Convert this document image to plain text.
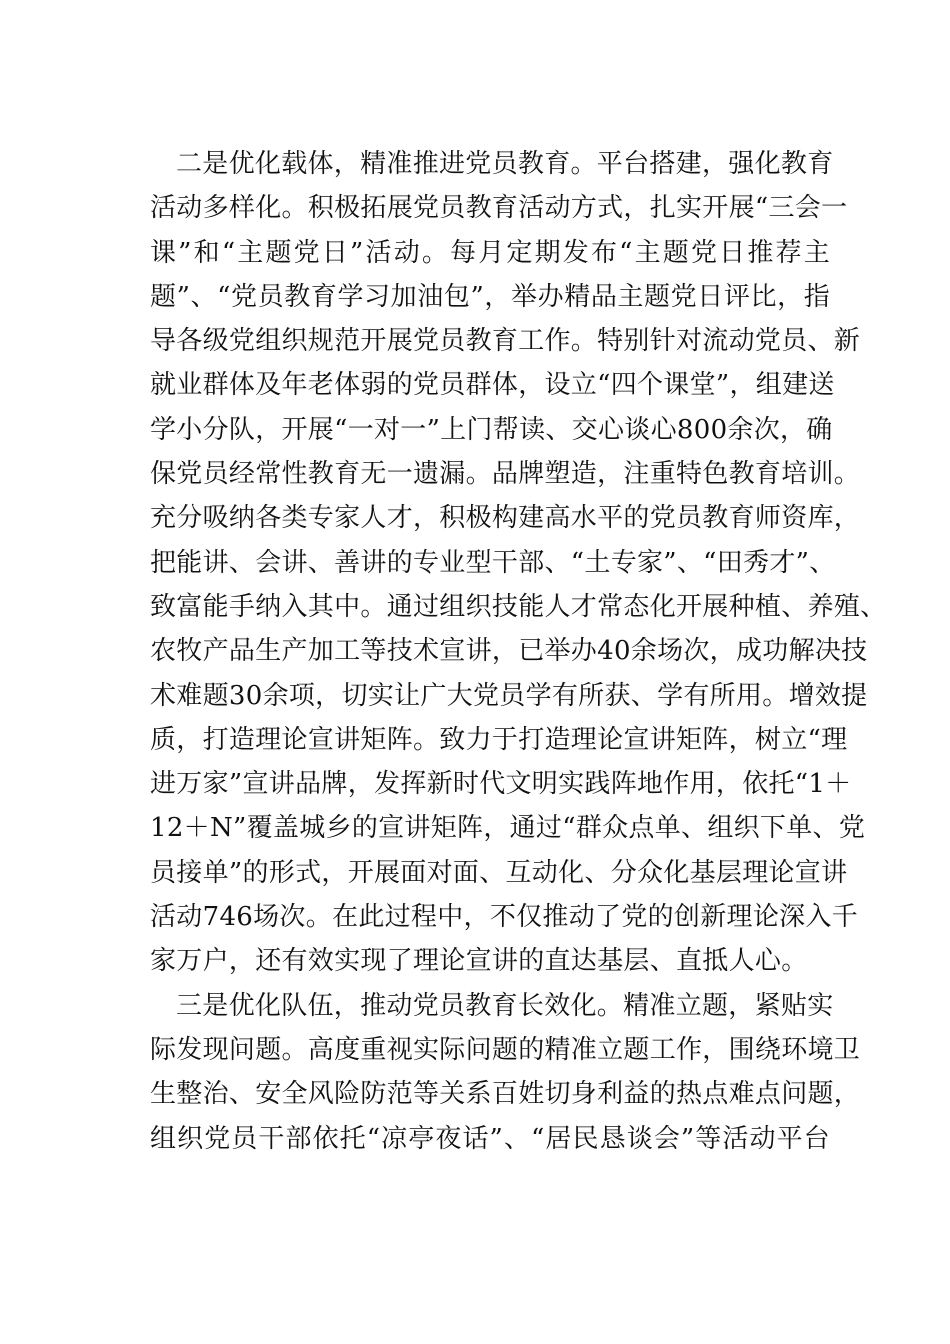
二是优化载体，精准推进党员教育。平台搭建，强化教育
活动多样化。积极拓展党员教育活动方式，扎实开展“三会一
课”和“主题党日”活动。每月定期发布“主题党日推荐主
题”、“党员教育学习加油包”，举办精品主题党日评比，指
导各级党组织规范开展党员教育工作。特别针对流动党员、新
就业群体及年老体弱的党员群体，设立“四个课堂”，组建送
学小分队，开展“一对一”上门帮读、交心谈心800余次，确
保党员经常性教育无一遗漏。品牌塑造，注重特色教育培训。
充分吸纳各类专家人才，积极构建高水平的党员教育师资库，
把能讲、会讲、善讲的专业型干部、“土专家”、“田秀才”、
致富能手纳入其中。通过组织技能人才常态化开展种植、养殖、
农牧产品生产加工等技术宣讲，已举办40余场次，成功解决技
术难题30余项，切实让广大党员学有所获、学有所用。增效提
质，打造理论宣讲矩阵。致力于打造理论宣讲矩阵，树立“理
进万家”宣讲品牌，发挥新时代文明实践阵地作用，依托“1＋
12＋N”覆盖城乡的宣讲矩阵，通过“群众点单、组织下单、党
员接单”的形式，开展面对面、互动化、分众化基层理论宣讲
活动746场次。在此过程中，不仅推动了党的创新理论深入千
家万户，还有效实现了理论宣讲的直达基层、直抵人心。
三是优化队伍，推动党员教育长效化。精准立题，紧贴实
际发现问题。高度重视实际问题的精准立题工作，围绕环境卫
生整治、安全风险防范等关系百姓切身利益的热点难点问题，
组织党员干部依托“凉亭夜话”、“居民恳谈会”等活动平台
